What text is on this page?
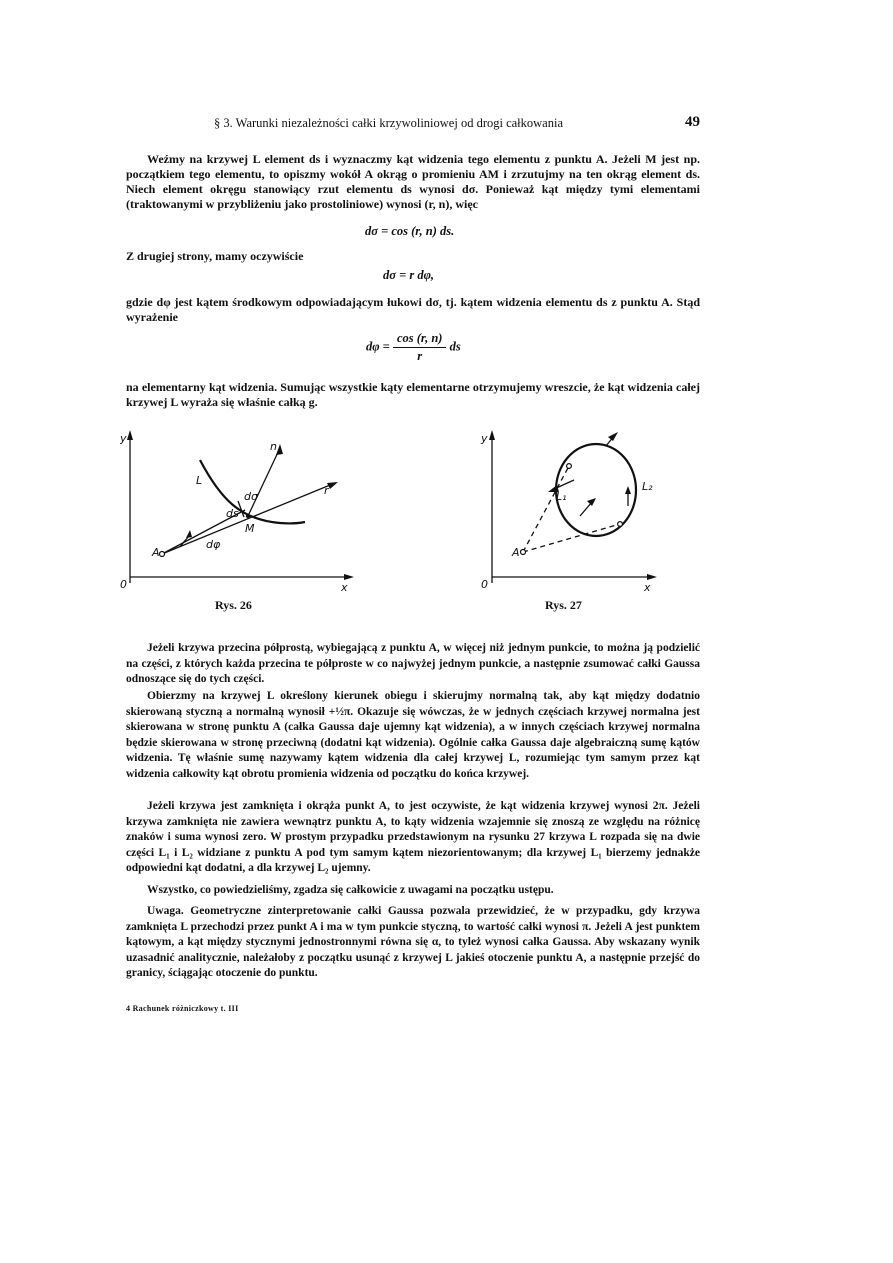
§ 3. Warunki niezależności całki krzywoliniowej od drogi całkowania	49

Weźmy na krzywej L element ds i wyznaczmy kąt widzenia tego elementu z punktu A. Jeżeli M jest np. początkiem tego elementu, to opiszmy wokół A okrąg o promieniu AM i zrzutujmy na ten okrąg element ds. Niech element okręgu stanowiący rzut elementu ds wynosi dσ. Ponieważ kąt między tymi elementami (traktowanymi w przybliżeniu jako prostoliniowe) wynosi (r, n), więc

dσ = cos (r, n) ds.

Z drugiej strony, mamy oczywiście

dσ = r dφ,

gdzie dφ jest kątem środkowym odpowiadającym łukowi dσ, tj. kątem widzenia elementu ds z punktu A. Stąd wyrażenie

$d\varphi = \frac{\cos (r, n)}{r}$ ds

na elementarny kąt widzenia. Sumując wszystkie kąty elementarne otrzymujemy wreszcie, że kąt widzenia całej krzywej L wyraża się właśnie całką g.

y
x
0
L
n
r
dσ
ds
M
A
dφ
Rys. 26
y
x
0
L₁
L₂
A
Rys. 27

Jeżeli krzywa przecina półprostą, wybiegającą z punktu A, w więcej niż jednym punkcie, to można ją podzielić na części, z których każda przecina te półproste w co najwyżej jednym punkcie, a następnie zsumować całki Gaussa odnoszące się do tych części.

Obierzmy na krzywej L określony kierunek obiegu i skierujmy normalną tak, aby kąt między dodatnio skierowaną styczną a normalną wynosił +½π. Okazuje się wówczas, że w jednych częściach krzywej normalna jest skierowana w stronę punktu A (całka Gaussa daje ujemny kąt widzenia), a w innych częściach krzywej normalna będzie skierowana w stronę przeciwną (dodatni kąt widzenia). Ogólnie całka Gaussa daje algebraiczną sumę kątów widzenia. Tę właśnie sumę nazywamy kątem widzenia dla całej krzywej L, rozumiejąc tym samym przez kąt widzenia całkowity kąt obrotu promienia widzenia od początku do końca krzywej.

Jeżeli krzywa jest zamknięta i okrąża punkt A, to jest oczywiste, że kąt widzenia krzywej wynosi 2π. Jeżeli krzywa zamknięta nie zawiera wewnątrz punktu A, to kąty widzenia wzajemnie się znoszą ze względu na różnicę znaków i suma wynosi zero. W prostym przypadku przedstawionym na rysunku 27 krzywa L rozpada się na dwie części L₁ i L₂ widziane z punktu A pod tym samym kątem niezorientowanym; dla krzywej L₁ bierzemy jednakże odpowiedni kąt dodatni, a dla krzywej L₂ ujemny.

Wszystko, co powiedzieliśmy, zgadza się całkowicie z uwagami na początku ustępu.

Uwaga. Geometryczne zinterpretowanie całki Gaussa pozwala przewidzieć, że w przypadku, gdy krzywa zamknięta L przechodzi przez punkt A i ma w tym punkcie styczną, to wartość całki wynosi π. Jeżeli A jest punktem kątowym, a kąt między stycznymi jednostronnymi równa się α, to tyleż wynosi całka Gaussa. Aby wskazany wynik uzasadnić analitycznie, należałoby z początku usunąć z krzywej L jakieś otoczenie punktu A, a następnie przejść do granicy, ściągając otoczenie do punktu.

4 Rachunek różniczkowy t. III
